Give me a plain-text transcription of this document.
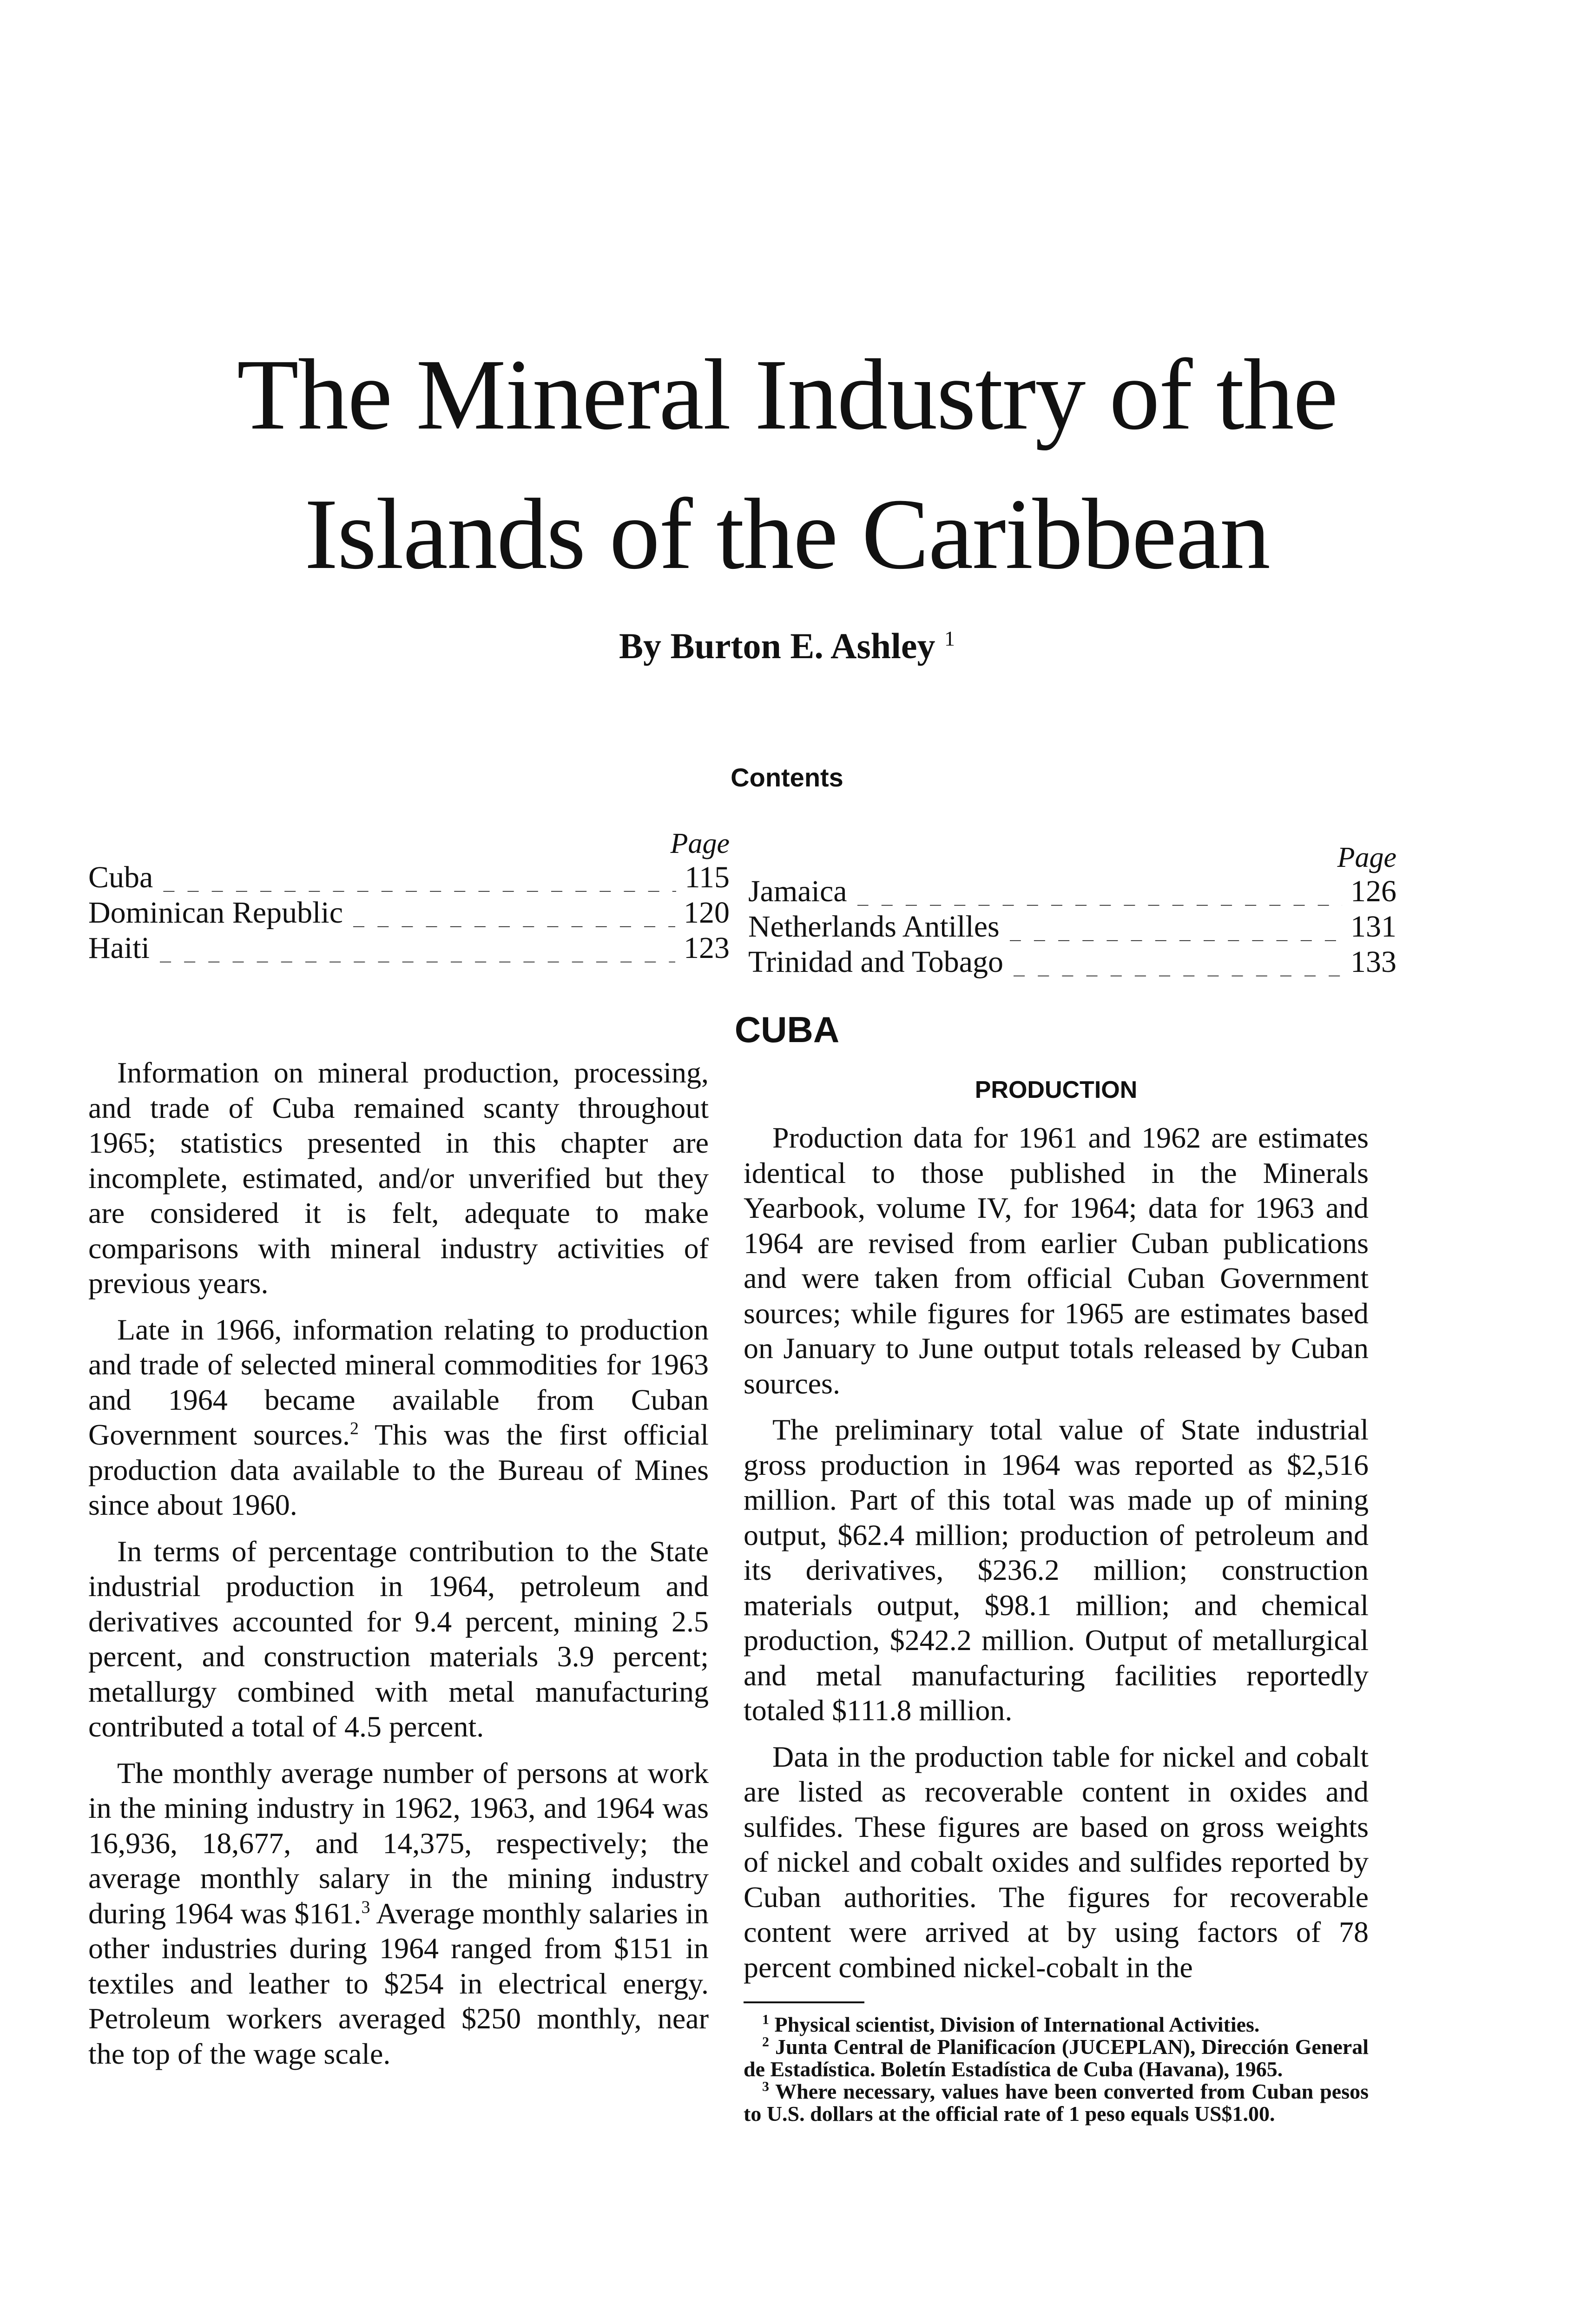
The Mineral Industry of the
Islands of the Caribbean
By Burton E. Ashley $^1$
Contents
Page
Cuba _ _ _	115
Dominican Republic _ _ _	120
Haiti _ _ _	123
Page
Jamaica _ _ _	126
Netherlands Antilles _ _ _	131
Trinidad and Tobago _ _ _	133
CUBA

Information on mineral production, processing, and trade of Cuba remained scanty throughout 1965; statistics presented in this chapter are incomplete, estimated, and/or unverified but they are considered it is felt, adequate to make comparisons with mineral industry activities of previous years.

Late in 1966, information relating to production and trade of selected mineral commodities for 1963 and 1964 became available from Cuban Government sources.$^2$ This was the first official production data available to the Bureau of Mines since about 1960.

In terms of percentage contribution to the State industrial production in 1964, petroleum and derivatives accounted for 9.4 percent, mining 2.5 percent, and construction materials 3.9 percent; metallurgy combined with metal manufacturing contributed a total of 4.5 percent.

The monthly average number of persons at work in the mining industry in 1962, 1963, and 1964 was 16,936, 18,677, and 14,375, respectively; the average monthly salary in the mining industry during 1964 was $161.$^3$ Average monthly salaries in other industries during 1964 ranged from $151 in textiles and leather to $254 in electrical energy. Petroleum workers averaged $250 monthly, near the top of the wage scale.

PRODUCTION

Production data for 1961 and 1962 are estimates identical to those published in the Minerals Yearbook, volume IV, for 1964; data for 1963 and 1964 are revised from earlier Cuban publications and were taken from official Cuban Government sources; while figures for 1965 are estimates based on January to June output totals released by Cuban sources.

The preliminary total value of State industrial gross production in 1964 was reported as $2,516 million. Part of this total was made up of mining output, $62.4 million; production of petroleum and its derivatives, $236.2 million; construction materials output, $98.1 million; and chemical production, $242.2 million. Output of metallurgical and metal manufacturing facilities reportedly totaled $111.8 million.

Data in the production table for nickel and cobalt are listed as recoverable content in oxides and sulfides. These figures are based on gross weights of nickel and cobalt oxides and sulfides reported by Cuban authorities. The figures for recoverable content were arrived at by using factors of 78 percent combined nickel-cobalt in the

$^1$ Physical scientist, Division of International Activities.

$^2$ Junta Central de Planificacíon (JUCEPLAN), Dirección General de Estadística. Boletín Estadística de Cuba (Havana), 1965.

$^3$ Where necessary, values have been converted from Cuban pesos to U.S. dollars at the official rate of 1 peso equals US$1.00.
